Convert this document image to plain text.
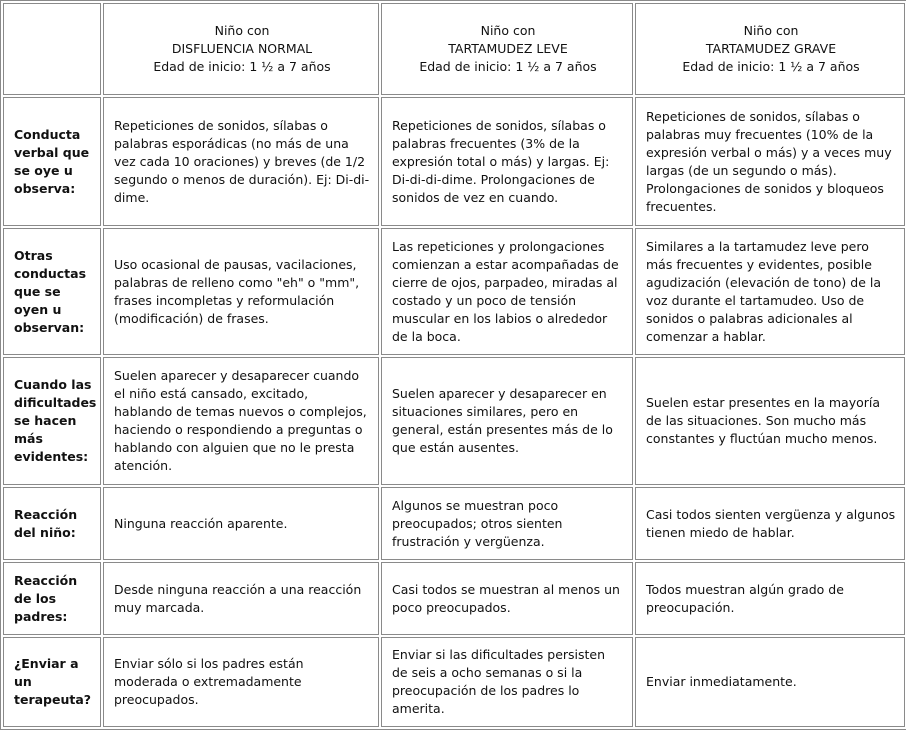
	Niño con
DISFLUENCIA NORMAL
Edad de inicio: 1 ½ a 7 años	Niño con
TARTAMUDEZ LEVE
Edad de inicio: 1 ½ a 7 años	Niño con
TARTAMUDEZ GRAVE
Edad de inicio: 1 ½ a 7 años

Conducta verbal que se oye u observa:	Repeticiones de sonidos, sílabas o palabras esporádicas (no más de una vez cada 10 oraciones) y breves (de 1/2 segundo o menos de duración). Ej: Di-di-dime.	Repeticiones de sonidos, sílabas o palabras frecuentes (3% de la expresión total o más) y largas. Ej: Di-di-di-dime. Prolongaciones de sonidos de vez en cuando.	Repeticiones de sonidos, sílabas o palabras muy frecuentes (10% de la expresión verbal o más) y a veces muy largas (de un segundo o más). Prolongaciones de sonidos y bloqueos frecuentes.
Otras conductas que se oyen u observan:	Uso ocasional de pausas, vacilaciones, palabras de relleno como "eh" o "mm", frases incompletas y reformulación (modificación) de frases.	Las repeticiones y prolongaciones comienzan a estar acompañadas de cierre de ojos, parpadeo, miradas al costado y un poco de tensión muscular en los labios o alrededor de la boca.	Similares a la tartamudez leve pero más frecuentes y evidentes, posible agudización (elevación de tono) de la voz durante el tartamudeo. Uso de sonidos o palabras adicionales al comenzar a hablar.
Cuando las dificultades se hacen más evidentes:	Suelen aparecer y desaparecer cuando el niño está cansado, excitado, hablando de temas nuevos o complejos, haciendo o respondiendo a preguntas o hablando con alguien que no le presta atención.	Suelen aparecer y desaparecer en situaciones similares, pero en general, están presentes más de lo que están ausentes.	Suelen estar presentes en la mayoría de las situaciones. Son mucho más constantes y fluctúan mucho menos.
Reacción del niño:	Ninguna reacción aparente.	Algunos se muestran poco preocupados; otros sienten frustración y vergüenza.	Casi todos sienten vergüenza y algunos tienen miedo de hablar.
Reacción de los padres:	Desde ninguna reacción a una reacción muy marcada.	Casi todos se muestran al menos un poco preocupados.	Todos muestran algún grado de preocupación.
¿Enviar a un terapeuta?	Enviar sólo si los padres están moderada o extremadamente preocupados.	Enviar si las dificultades persisten de seis a ocho semanas o si la preocupación de los padres lo amerita.	Enviar inmediatamente.
